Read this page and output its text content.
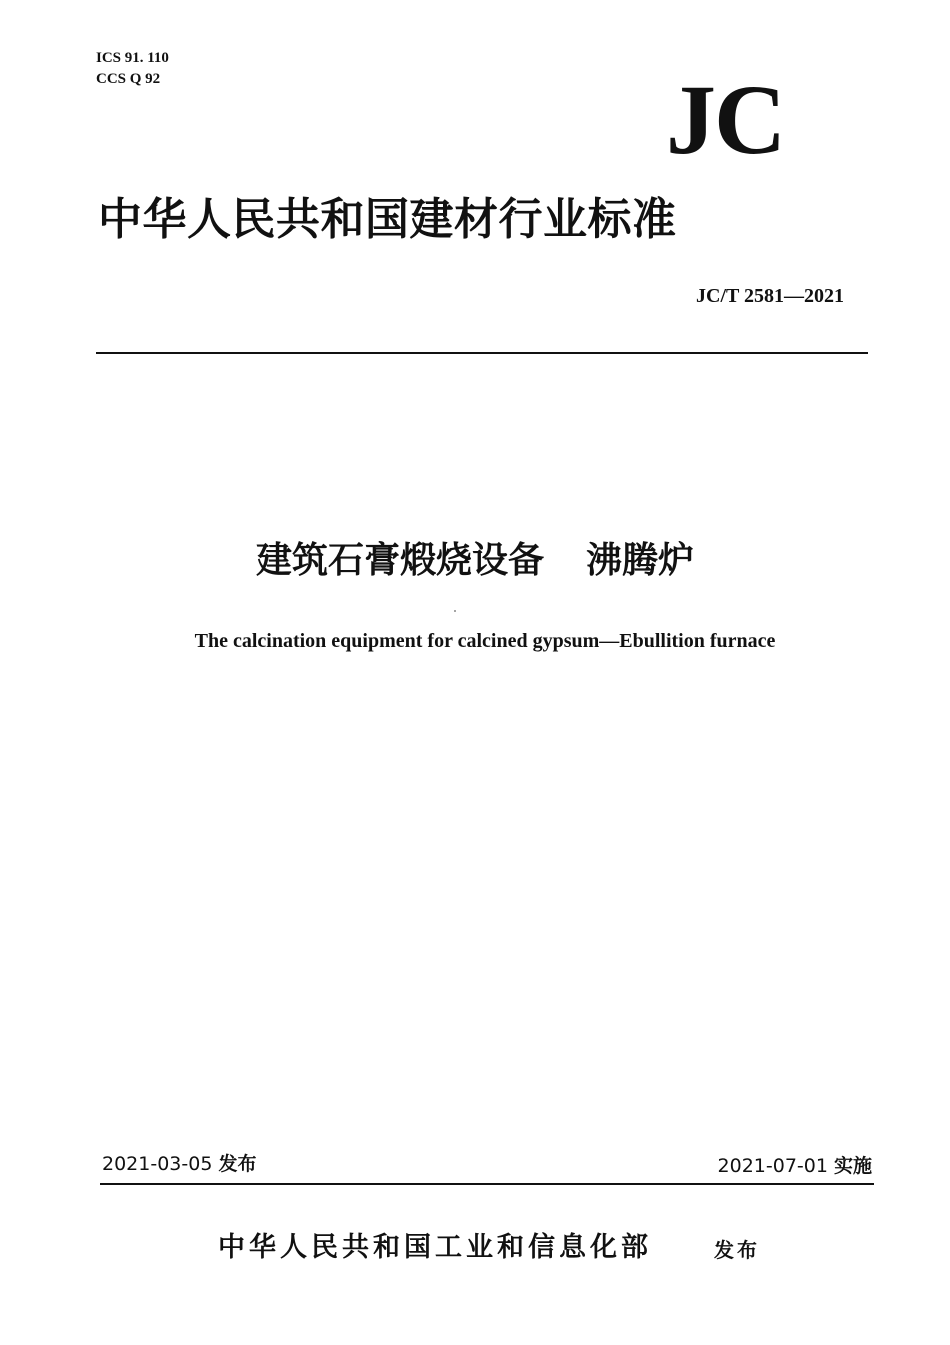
ICS 91. 110
CCS Q 92	JC
中华人民共和国建材行业标准
JC/T 2581—2021
建筑石膏煅烧设备 沸腾炉
The calcination equipment for calcined gypsum—Ebullition furnace
2021-03-05 发布	2021-07-01 实施
中华人民共和国工业和信息化部	发布
